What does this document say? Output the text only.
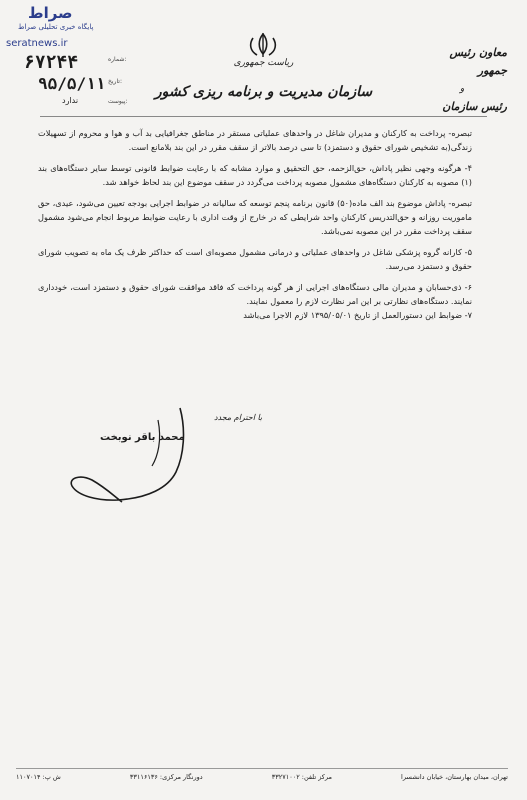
صراط
پایگاه خبری تحلیلی صراط
seratnews.ir
معاون رئیس جمهور
و
رئیس سازمان
ریاست جمهوری
سازمان مدیریت و برنامه ریزی کشور
۶۷۲۴۴
۹۵/۵/۱۱
ندارد
شماره:
تاریخ:
پیوست:

تبصره- پرداخت به کارکنان و مدیران شاغل در واحدهای عملیاتی مستقر در مناطق جغرافیایی بد آب و هوا و محروم از تسهیلات زندگی(به تشخیص شورای حقوق و دستمزد) تا سی درصد بالاتر از سقف مقرر در این بند بلامانع است.

۴- هرگونه وجهی نظیر پاداش، حق‌الزحمه، حق التحقیق و موارد مشابه که با رعایت ضوابط قانونی توسط سایر دستگاه‌های بند (۱) مصوبه به کارکنان دستگاه‌های مشمول مصوبه پرداخت می‌گردد در سقف موضوع این بند لحاظ خواهد شد.

تبصره- پاداش موضوع بند الف ماده(۵۰) قانون برنامه پنجم توسعه که سالیانه در ضوابط اجرایی بودجه تعیین می‌شود، عیدی، حق ماموریت روزانه و حق‌التدریس کارکنان واحد شرایطی که در خارج از وقت اداری با رعایت ضوابط مربوط انجام می‌شود مشمول سقف پرداخت مقرر در این مصوبه نمی‌باشد.

۵- کارانه گروه پزشکی شاغل در واحدهای عملیاتی و درمانی مشمول مصوبه‌ای است که حداکثر ظرف یک ماه به تصویب شورای حقوق و دستمزد می‌رسد.

۶- ذی‌حسابان و مدیران مالی دستگاه‌های اجرایی از هر گونه پرداخت که فاقد موافقت شورای حقوق و دستمزد است، خودداری نمایند. دستگاه‌های نظارتی بر این امر نظارت لازم را معمول نمایند.

۷- ضوابط این دستورالعمل از تاریخ ۱۳۹۵/۰۵/۰۱ لازم الاجرا می‌باشد

با احترام مجدد
محمد باقر نوبخت
تهران، میدان بهارستان، خیابان دانشسرا
مرکز تلفن: ۳۳۲۷۱۰۰۲
دورنگار مرکزی: ۳۳۱۱۶۱۳۶
ش پ: ۱۱۰۷۰۱۴
